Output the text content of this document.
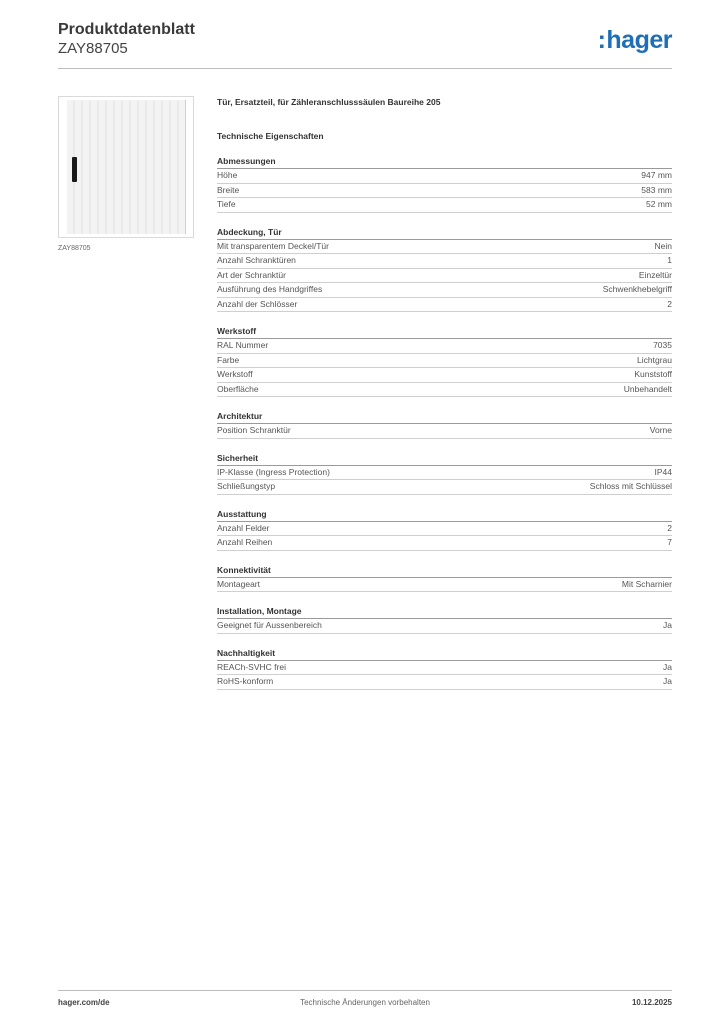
Produktdatenblatt
ZAY88705	:hager
ZAY88705
Tür, Ersatzteil, für Zähleranschlusssäulen Baureihe 205
Technische Eigenschaften
Abmessungen
Höhe	947 mm
Breite	583 mm
Tiefe	52 mm
Abdeckung, Tür
Mit transparentem Deckel/Tür	Nein
Anzahl Schranktüren	1
Art der Schranktür	Einzeltür
Ausführung des Handgriffes	Schwenkhebelgriff
Anzahl der Schlösser	2
Werkstoff
RAL Nummer	7035
Farbe	Lichtgrau
Werkstoff	Kunststoff
Oberfläche	Unbehandelt
Architektur
Position Schranktür	Vorne
Sicherheit
IP-Klasse (Ingress Protection)	IP44
Schließungstyp	Schloss mit Schlüssel
Ausstattung
Anzahl Felder	2
Anzahl Reihen	7
Konnektivität
Montageart	Mit Scharnier
Installation, Montage
Geeignet für Aussenbereich	Ja
Nachhaltigkeit
REACh-SVHC frei	Ja
RoHS-konform	Ja
hager.com/de	Technische Änderungen vorbehalten	10.12.2025
